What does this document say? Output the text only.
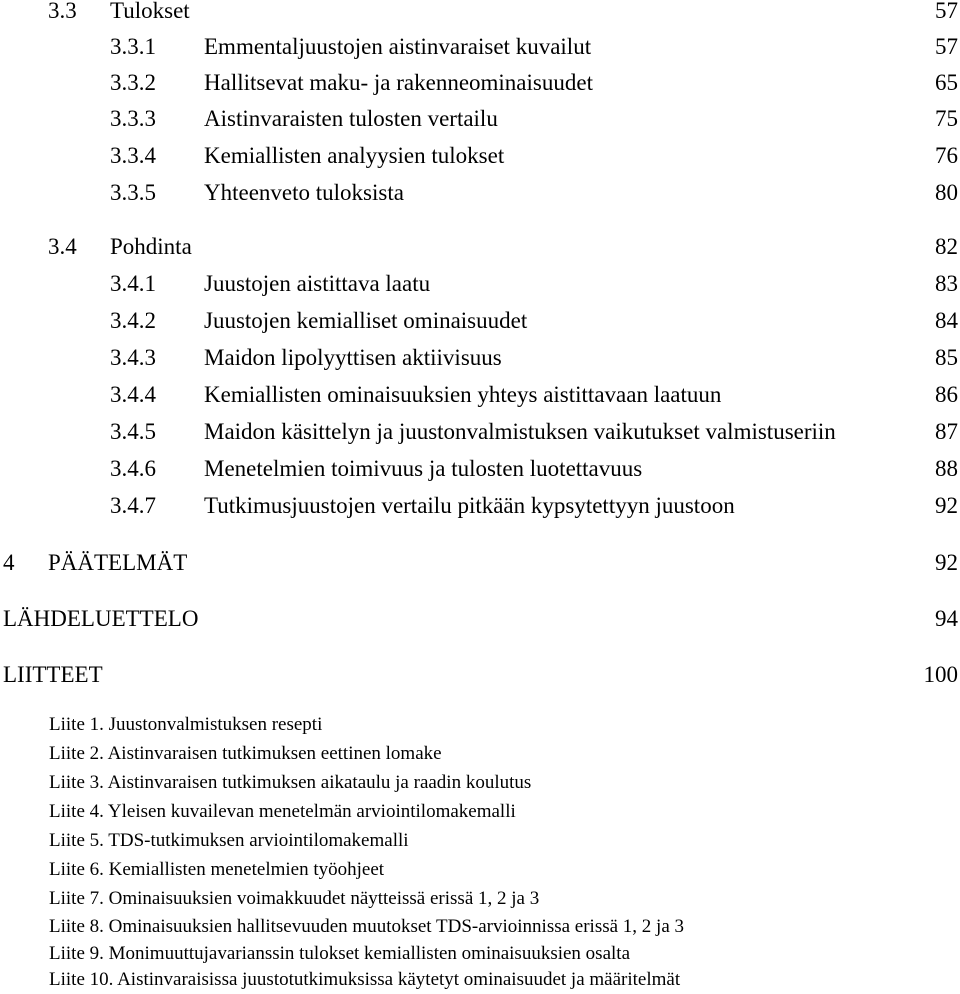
3.3 Tulokset	57
3.3.1 Emmentaljuustojen aistinvaraiset kuvailut	57
3.3.2 Hallitsevat maku- ja rakenneominaisuudet	65
3.3.3 Aistinvaraisten tulosten vertailu	75
3.3.4 Kemiallisten analyysien tulokset	76
3.3.5 Yhteenveto tuloksista	80
3.4 Pohdinta	82
3.4.1 Juustojen aistittava laatu	83
3.4.2 Juustojen kemialliset ominaisuudet	84
3.4.3 Maidon lipolyyttisen aktiivisuus	85
3.4.4 Kemiallisten ominaisuuksien yhteys aistittavaan laatuun	86
3.4.5 Maidon käsittelyn ja juustonvalmistuksen vaikutukset valmistuseriin	87
3.4.6 Menetelmien toimivuus ja tulosten luotettavuus	88
3.4.7 Tutkimusjuustojen vertailu pitkään kypsytettyyn juustoon	92
4 PÄÄTELMÄT	92
LÄHDELUETTELO	94
LIITTEET	100
Liite 1. Juustonvalmistuksen resepti
Liite 2. Aistinvaraisen tutkimuksen eettinen lomake
Liite 3. Aistinvaraisen tutkimuksen aikataulu ja raadin koulutus
Liite 4. Yleisen kuvailevan menetelmän arviointilomakemalli
Liite 5. TDS-tutkimuksen arviointilomakemalli
Liite 6. Kemiallisten menetelmien työohjeet
Liite 7. Ominaisuuksien voimakkuudet näytteissä erissä 1, 2 ja 3
Liite 8. Ominaisuuksien hallitsevuuden muutokset TDS-arvioinnissa erissä 1, 2 ja 3
Liite 9. Monimuuttujavarianssin tulokset kemiallisten ominaisuuksien osalta
Liite 10. Aistinvaraisissa juustotutkimuksissa käytetyt ominaisuudet ja määritelmät
